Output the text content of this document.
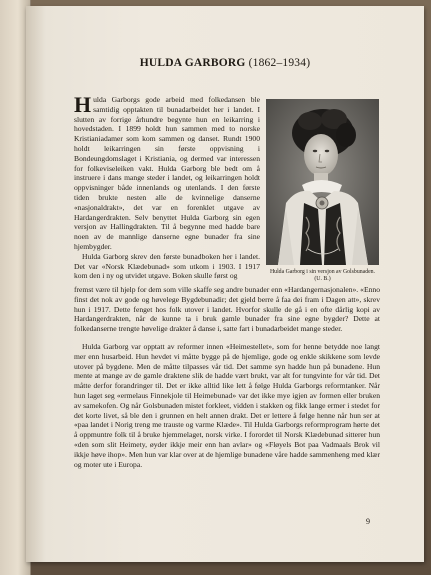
HULDA GARBORG (1862–1934)

Hulda Garborgs gode arbeid med folkedansen ble samtidig opptakten til bunadarbeidet her i landet. I slutten av forrige århundre begynte hun en leikarring i hovedstaden. I 1899 holdt hun sammen med to norske Kristianiadamer som kom sammen og danset. Rundt 1900 holdt leikarringen sin første oppvisning i Bondeungdomslaget i Kristiania, og dermed var interessen for folkeviseleiken vakt. Hulda Garborg ble bedt om å instruere i dans mange steder i landet, og leikarringen holdt oppvisninger både innenlands og utenlands. I den første tiden brukte nesten alle de kvinnelige danserne «nasjonaldrakt», det var en forenklet utgave av Hardangerdrakten. Selv benyttet Hulda Garborg sin egen versjon av Hallingdrakten. Til å begynne med hadde bare noen av de mannlige danserne egne bunader fra sine hjembygder.

Hulda Garborg skrev den første bunadboken her i landet. Det var «Norsk Klædebunad» som utkom i 1903. I 1917 kom den i ny og utvidet utgave. Boken skulle først og	Hulda Garborg i sin versjon av Golsbunaden. (U. B.)

fremst være til hjelp for dem som ville skaffe seg andre bunader enn «Hardangernasjonalen». «Enno finst det nok av gode og høvelege Bygdebunadir; det gjeld berre å faa dei fram i Dagen att», skrev hun i 1917. Dette fenget hos folk utover i landet. Hvorfor skulle de gå i en ofte dårlig kopi av Hardangerdrakten, når de kunne ta i bruk gamle bunader fra sine egne bygder? Dette at folkedanserne trengte høvelige drakter å danse i, satte fart i bunadarbeidet mange steder.

Hulda Garborg var opptatt av reformer innen «Heimestellet», som for henne betydde noe langt mer enn husarbeid. Hun hevdet vi måtte bygge på de hjemlige, gode og enkle skikkene som levde utover på bygdene. Men de måtte tilpasses vår tid. Det samme syn hadde hun på bunadene. Hun mente at mange av de gamle draktene slik de hadde vært brukt, var alt for tungvinte for vår tid. Det måtte derfor forandringer til. Det er ikke alltid like lett å følge Hulda Garborgs reformtanker. Når hun laget seg «ermelaus Finnekjole til Heimebunad» var det ikke mye igjen av formen eller bruken av samekofen. Og når Golsbunaden mistet forkleet, vidden i stakken og fikk lange ermer i stedet for det korte livet, så ble den i grunnen en helt annen drakt. Det er lettere å følge henne når hun ser at «paa landet i Norig treng me trauste og varme Klæde». Til Hulda Garborgs reformprogram hørte det å oppmuntre folk til å bruke hjemmelaget, norsk virke. I forordet til Norsk Klædebunad sitterer hun «den som slit Heimety, øyder ikkje meir enn han avlar» og «Fløyels Bot paa Vadmaals Brok vil ikkje høve ihop». Men hun var klar over at de hjemlige bunadene våre hadde sammenheng med klær og moter ute i Europa.

9
